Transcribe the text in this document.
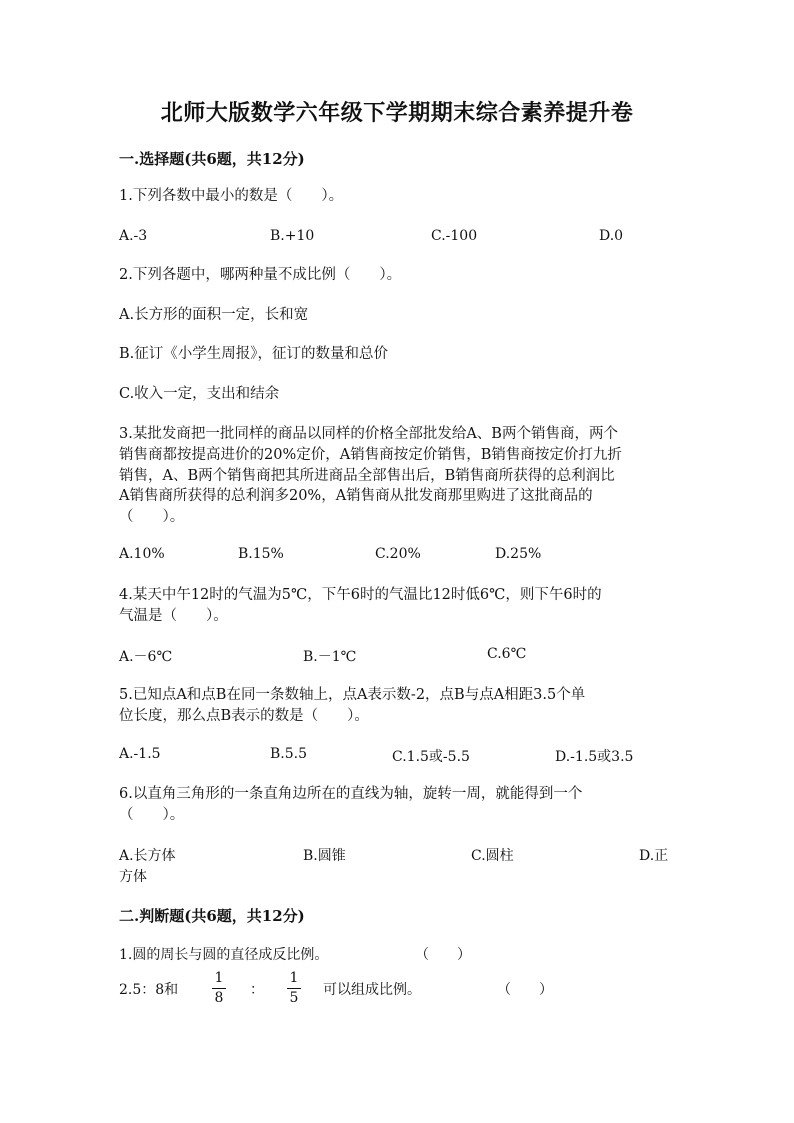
北师大版数学六年级下学期期末综合素养提升卷
一.选择题(共6题，共12分)
1.下列各数中最小的数是（　　）。
A.-3	B.+10	C.-100	D.0
2.下列各题中，哪两种量不成比例（　　）。
A.长方形的面积一定，长和宽
B.征订《小学生周报》，征订的数量和总价
C.收入一定，支出和结余
3.某批发商把一批同样的商品以同样的价格全部批发给A、B两个销售商，两个
销售商都按提高进价的20%定价，A销售商按定价销售，B销售商按定价打九折
销售，A、B两个销售商把其所进商品全部售出后，B销售商所获得的总利润比
A销售商所获得的总利润多20%，A销售商从批发商那里购进了这批商品的
（　　）。
A.10%	B.15%	C.20%	D.25%
4.某天中午12时的气温为5℃，下午6时的气温比12时低6℃，则下午6时的
气温是（　　）。
A.－6℃	B.－1℃	C.6℃
5.已知点A和点B在同一条数轴上，点A表示数-2，点B与点A相距3.5个单
位长度，那么点B表示的数是（　　）。
A.-1.5	B.5.5	C.1.5或-5.5	D.-1.5或3.5
6.以直角三角形的一条直角边所在的直线为轴，旋转一周，就能得到一个
（　　）。
A.长方体	B.圆锥	C.圆柱	D.正
方体
二.判断题(共6题，共12分)
1.圆的周长与圆的直径成反比例。	（　　）
2.5：8和
1
8	：
1
5	可以组成比例。	（　　）
